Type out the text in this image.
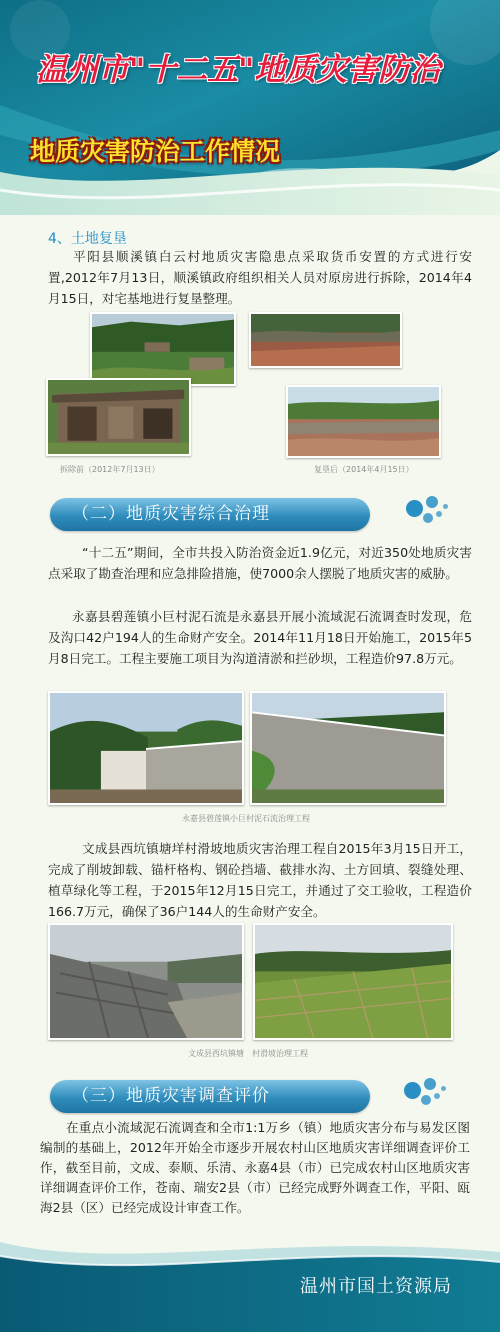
温州市"十二五"地质灾害防治
地质灾害防治工作情况
4、土地复垦
平阳县顺溪镇白云村地质灾害隐患点采取货币安置的方式进行安置,2012年7月13日，顺溪镇政府组织相关人员对原房进行拆除，2014年4月15日，对宅基地进行复垦整理。
拆除前（2012年7月13日）	复垦后（2014年4月15日）
（二）地质灾害综合治理
“十二五”期间，全市共投入防治资金近1.9亿元，对近350处地质灾害点采取了勘查治理和应急排险措施，使7000余人摆脱了地质灾害的威胁。
永嘉县碧莲镇小巨村泥石流是永嘉县开展小流域泥石流调查时发现，危及沟口42户194人的生命财产安全。2014年11月18日开始施工，2015年5月8日完工。工程主要施工项目为沟道清淤和拦砂坝，工程造价97.8万元。
永嘉县碧莲镇小巨村泥石流治理工程
文成县西坑镇塘垟村滑坡地质灾害治理工程自2015年3月15日开工，完成了削坡卸载、锚杆格构、钢砼挡墙、截排水沟、土方回填、裂缝处理、植草绿化等工程，于2015年12月15日完工，并通过了交工验收，工程造价166.7万元，确保了36户144人的生命财产安全。
文成县西坑镇塘　村滑坡治理工程
（三）地质灾害调查评价
在重点小流域泥石流调查和全市1:1万乡（镇）地质灾害分布与易发区图编制的基础上，2012年开始全市逐步开展农村山区地质灾害详细调查评价工作，截至目前，文成、泰顺、乐清、永嘉4县（市）已完成农村山区地质灾害详细调查评价工作，苍南、瑞安2县（市）已经完成野外调查工作，平阳、瓯海2县（区）已经完成设计审查工作。
温州市国土资源局
